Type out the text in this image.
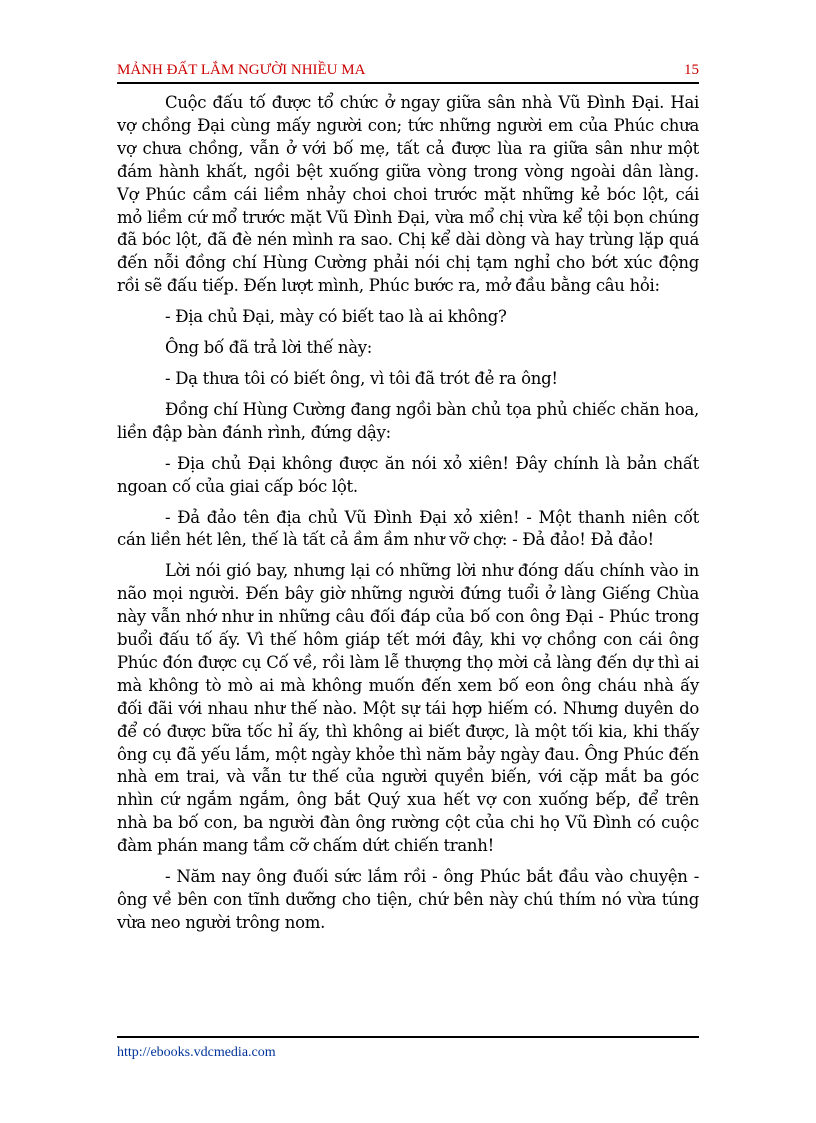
MẢNH ĐẤT LẮM NGƯỜI NHIỀU MA	15

Cuộc đấu tố được tổ chức ở ngay giữa sân nhà Vũ Đình Đại. Hai vợ chồng Đại cùng mấy người con; tức những người em của Phúc chưa vợ chưa chồng, vẫn ở với bố mẹ, tất cả được lùa ra giữa sân như một đám hành khất, ngồi bệt xuống giữa vòng trong vòng ngoài dân làng. Vợ Phúc cầm cái liềm nhảy choi choi trước mặt những kẻ bóc lột, cái mỏ liềm cứ mổ trước mặt Vũ Đình Đại, vừa mổ chị vừa kể tội bọn chúng đã bóc lột, đã đè nén mình ra sao. Chị kể dài dòng và hay trùng lặp quá đến nỗi đồng chí Hùng Cường phải nói chị tạm nghỉ cho bớt xúc động rồi sẽ đấu tiếp. Đến lượt mình, Phúc bước ra, mở đầu bằng câu hỏi:

- Địa chủ Đại, mày có biết tao là ai không?

Ông bố đã trả lời thế này:

- Dạ thưa tôi có biết ông, vì tôi đã trót đẻ ra ông!

Đồng chí Hùng Cường đang ngồi bàn chủ tọa phủ chiếc chăn hoa, liền đập bàn đánh rình, đứng dậy:

- Địa chủ Đại không được ăn nói xỏ xiên! Đây chính là bản chất ngoan cố của giai cấp bóc lột.

- Đả đảo tên địa chủ Vũ Đình Đại xỏ xiên! - Một thanh niên cốt cán liền hét lên, thế là tất cả ầm ầm như vỡ chợ: - Đả đảo! Đả đảo!

Lời nói gió bay, nhưng lại có những lời như đóng dấu chính vào in não mọi người. Đến bây giờ những người đứng tuổi ở làng Giếng Chùa này vẫn nhớ như in những câu đối đáp của bố con ông Đại - Phúc trong buổi đấu tố ấy. Vì thế hôm giáp tết mới đây, khi vợ chồng con cái ông Phúc đón được cụ Cố về, rồi làm lễ thượng thọ mời cả làng đến dự thì ai mà không tò mò ai mà không muốn đến xem bố eon ông cháu nhà ấy đối đãi với nhau như thế nào. Một sự tái hợp hiếm có. Nhưng duyên do để có được bữa tốc hỉ ấy, thì không ai biết được, là một tối kia, khi thấy ông cụ đã yếu lắm, một ngày khỏe thì năm bảy ngày đau. Ông Phúc đến nhà em trai, và vẫn tư thế của người quyền biến, với cặp mắt ba góc nhìn cứ ngắm ngắm, ông bắt Quý xua hết vợ con xuống bếp, để trên nhà ba bố con, ba người đàn ông rường cột của chi họ Vũ Đình có cuộc đàm phán mang tầm cỡ chấm dứt chiến tranh!

- Năm nay ông đuối sức lắm rồi - ông Phúc bắt đầu vào chuyện - ông về bên con tĩnh dưỡng cho tiện, chứ bên này chú thím nó vừa túng vừa neo người trông nom.

http://ebooks.vdcmedia.com
